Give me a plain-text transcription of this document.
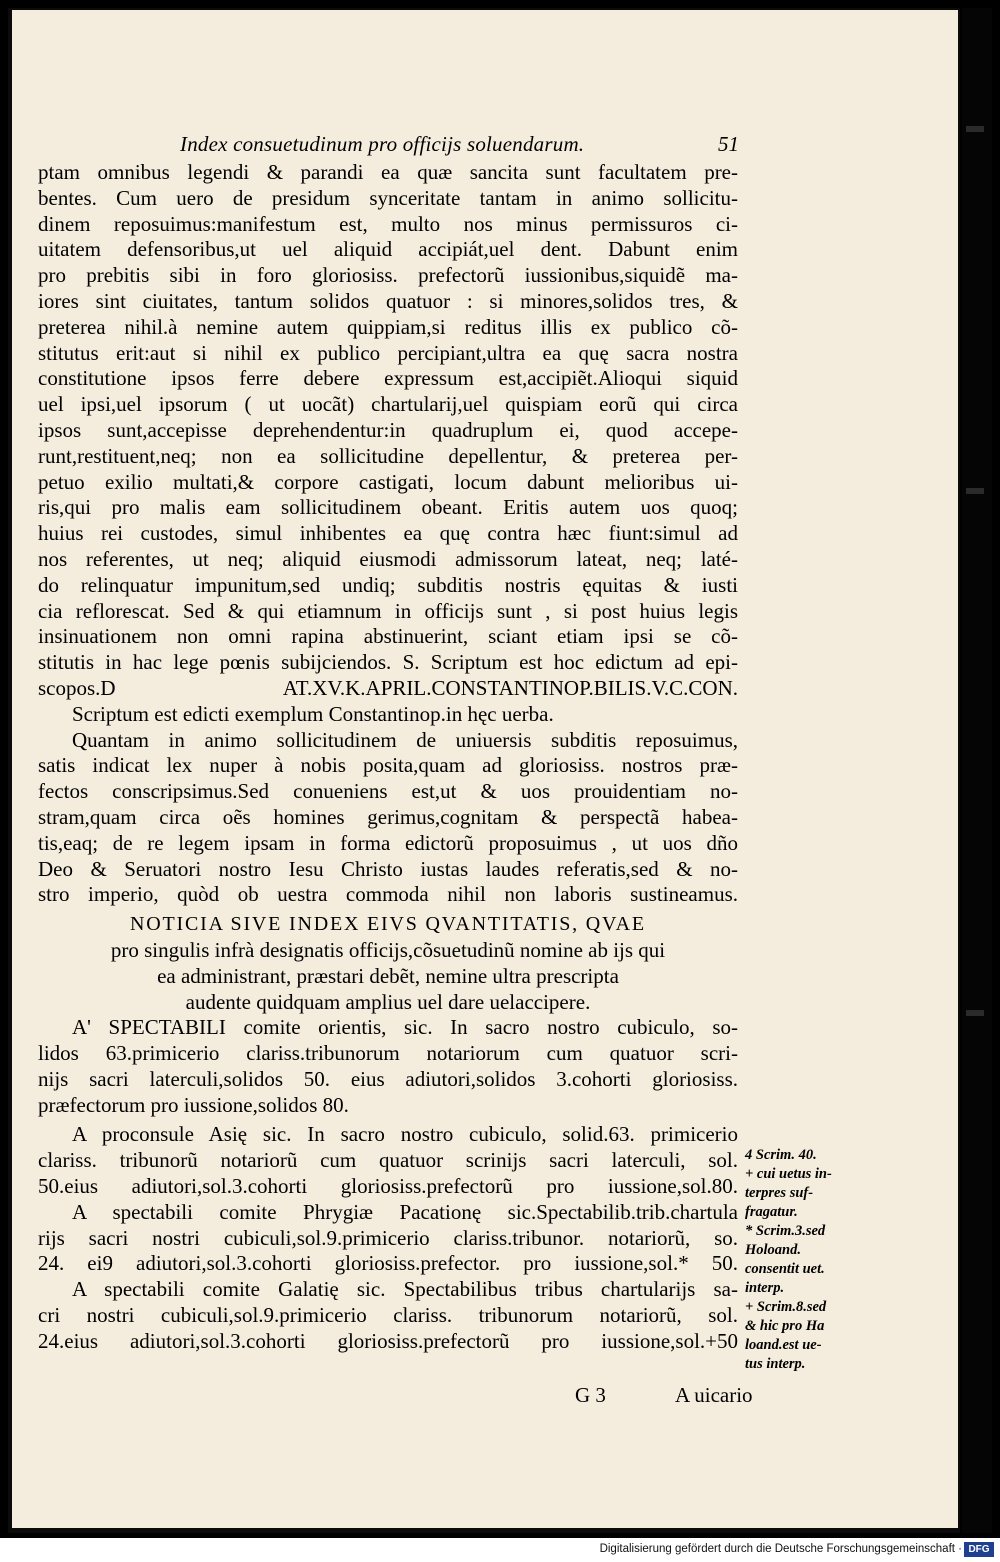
Index consuetudinum pro officijs soluendarum.	51
ptam omnibus legendi & parandi ea quæ sancita sunt facultatem pre-
bentes. Cum uero de presidum synceritate tantam in animo sollicitu-
dinem reposuimus:manifestum est, multo nos minus permissuros ci-
uitatem defensoribus,ut uel aliquid accipiát,uel dent. Dabunt enim
pro prebitis sibi in foro gloriosiss. prefectorũ iussionibus,siquidẽ ma-
iores sint ciuitates, tantum solidos quatuor : si minores,solidos tres, &
preterea nihil.à nemine autem quippiam,si reditus illis ex publico cõ-
stitutus erit:aut si nihil ex publico percipiant,ultra ea quę sacra nostra
constitutione ipsos ferre debere expressum est,accipiẽt.Alioqui siquid
uel ipsi,uel ipsorum ( ut uocãt) chartularij,uel quispiam eorũ qui circa
ipsos sunt,accepisse deprehendentur:in quadruplum ei, quod accepe-
runt,restituent,neq; non ea sollicitudine depellentur, & preterea per-
petuo exilio multati,& corpore castigati, locum dabunt melioribus ui-
ris,qui pro malis eam sollicitudinem obeant. Eritis autem uos quoq;
huius rei custodes, simul inhibentes ea quę contra hæc fiunt:simul ad
nos referentes, ut neq; aliquid eiusmodi admissorum lateat, neq; laté-
do relinquatur impunitum,sed undiq; subditis nostris ęquitas & iusti
cia reflorescat. Sed & qui etiamnum in officijs sunt , si post huius legis
insinuationem non omni rapina abstinuerint, sciant etiam ipsi se cõ-
stitutis in hac lege pœnis subijciendos. S. Scriptum est hoc edictum ad epi-
scopos.D AT.XV.K.APRIL.CONSTANTINOP.BILIS.V.C.CON.
Scriptum est edicti exemplum Constantinop.in hęc uerba.
Quantam in animo sollicitudinem de uniuersis subditis reposuimus,
satis indicat lex nuper à nobis posita,quam ad gloriosiss. nostros præ-
fectos conscripsimus.Sed conueniens est,ut & uos prouidentiam no-
stram,quam circa oẽs homines gerimus,cognitam & perspectã habea-
tis,eaq; de re legem ipsam in forma edictorũ proposuimus , ut uos dño
Deo & Seruatori nostro Iesu Christo iustas laudes referatis,sed & no-
stro imperio, quòd ob uestra commoda nihil non laboris sustineamus.
NOTICIA SIVE INDEX EIVS QVANTITATIS, QVAE
pro singulis infrà designatis officijs,cõsuetudinũ nomine ab ijs qui
ea administrant, præstari debẽt, nemine ultra prescripta
audente quidquam amplius uel dare uelaccipere.
A' SPECTABILI comite orientis, sic. In sacro nostro cubiculo, so-
lidos 63.primicerio clariss.tribunorum notariorum cum quatuor scri-
nijs sacri laterculi,solidos 50. eius adiutori,solidos 3.cohorti gloriosiss.
præfectorum pro iussione,solidos 80.
A proconsule Asię sic. In sacro nostro cubiculo, solid.63. primicerio
clariss. tribunorũ notariorũ cum quatuor scrinijs sacri laterculi, sol.
50.eius adiutori,sol.3.cohorti gloriosiss.prefectorũ pro iussione,sol.80.
A spectabili comite Phrygiæ Pacationę sic.Spectabilib.trib.chartula
rijs sacri nostri cubiculi,sol.9.primicerio clariss.tribunor. notariorũ, so.
24. ei9 adiutori,sol.3.cohorti gloriosiss.prefector. pro iussione,sol.* 50.
A spectabili comite Galatię sic. Spectabilibus tribus chartularijs sa-
cri nostri cubiculi,sol.9.primicerio clariss. tribunorum notariorũ, sol.
24.eius adiutori,sol.3.cohorti gloriosiss.prefectorũ pro iussione,sol.+50
4 Scrim. 40.
+ cui uetus in-
terpres suf-
fragatur.
* Scrim.3.sed
Holoand.
consentit uet.
interp.
+ Scrim.8.sed
& hic pro Ha
loand.est ue-
tus interp.
G 3	A uicario
Digitalisierung gefördert durch die Deutsche Forschungsgemeinschaft · DFG
